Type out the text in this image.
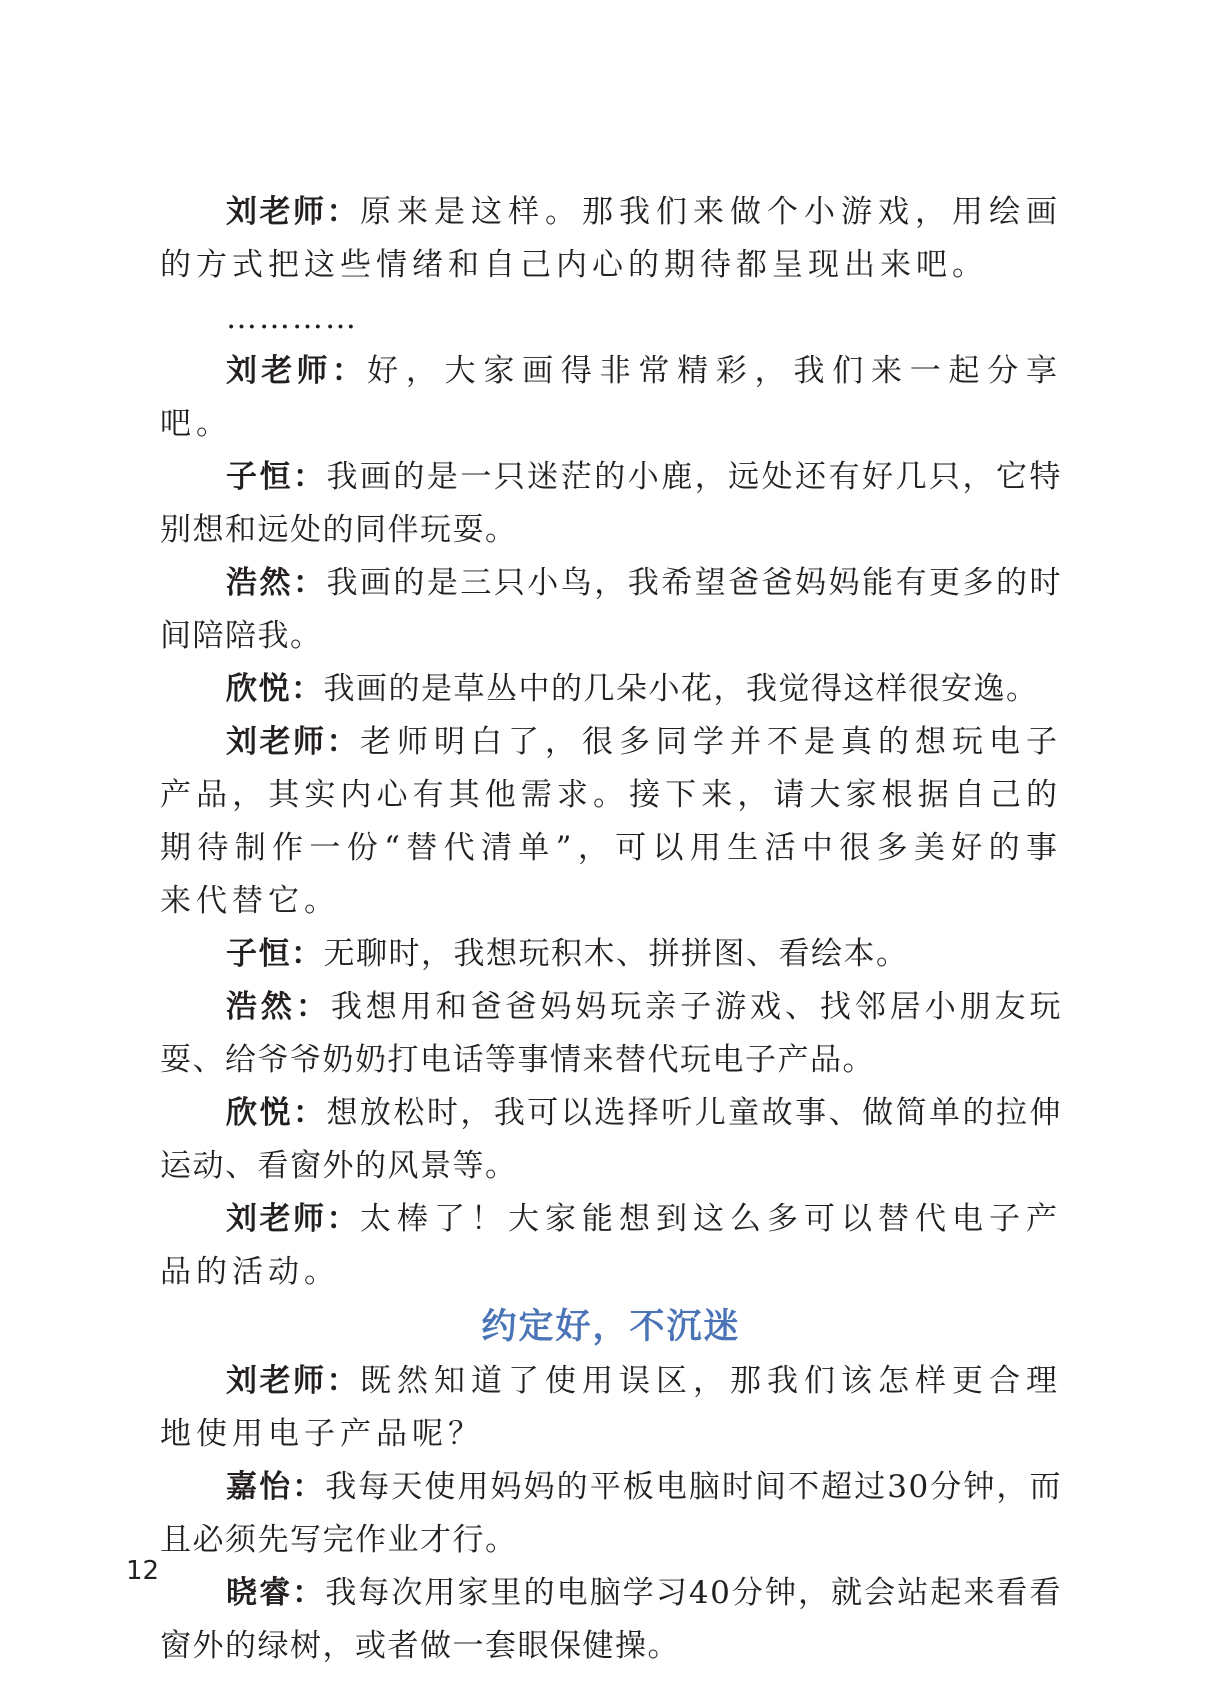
刘老师：原来是这样。那我们来做个小游戏，用绘画的方式把这些情绪和自己内心的期待都呈现出来吧。

…………

刘老师：好，大家画得非常精彩，我们来一起分享吧。

子恒：我画的是一只迷茫的小鹿，远处还有好几只，它特别想和远处的同伴玩耍。

浩然：我画的是三只小鸟，我希望爸爸妈妈能有更多的时间陪陪我。

欣悦：我画的是草丛中的几朵小花，我觉得这样很安逸。

刘老师：老师明白了，很多同学并不是真的想玩电子产品，其实内心有其他需求。接下来，请大家根据自己的期待制作一份“替代清单”，可以用生活中很多美好的事来代替它。

子恒：无聊时，我想玩积木、拼拼图、看绘本。

浩然：我想用和爸爸妈妈玩亲子游戏、找邻居小朋友玩耍、给爷爷奶奶打电话等事情来替代玩电子产品。

欣悦：想放松时，我可以选择听儿童故事、做简单的拉伸运动、看窗外的风景等。

刘老师：太棒了！大家能想到这么多可以替代电子产品的活动。

约定好，不沉迷

刘老师：既然知道了使用误区，那我们该怎样更合理地使用电子产品呢？

嘉怡：我每天使用妈妈的平板电脑时间不超过30分钟，而且必须先写完作业才行。

晓睿：我每次用家里的电脑学习40分钟，就会站起来看看窗外的绿树，或者做一套眼保健操。

12
